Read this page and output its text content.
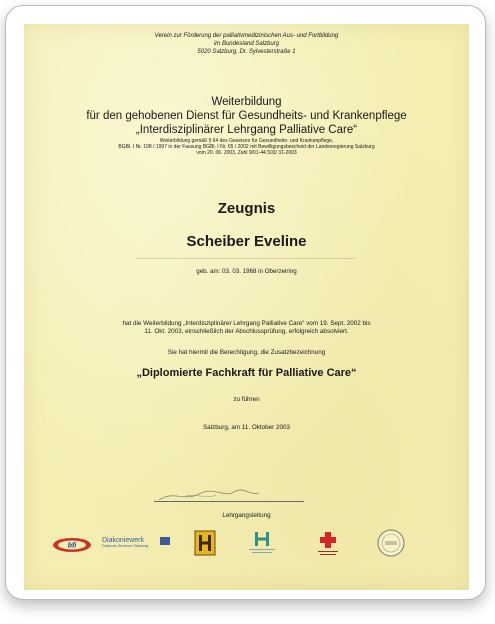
Verein zur Förderung der palliativmedizinischen Aus- und Fortbildung
im Bundesland Salzburg
5020 Salzburg, Dr. Sylvesterstraße 1
Weiterbildung
für den gehobenen Dienst für Gesundheits- und Krankenpflege
„Interdisziplinärer Lehrgang Palliative Care“
Weiterbildung gemäß § 64 des Gesetzes für Gesundheits- und Krankenpflege,
BGBl. I Nr. 108 / 1997 in der Fassung BGBl. I Nr. 65 / 2002 mit Bewilligungsbescheid der Landesregierung Salzburg
vom 20. 06. 2003, Zahl 9/01-44.503/ 31-2003
Zeugnis
Scheiber Eveline
geb. am: 03. 03. 1968 in Oberzeiring
hat die Weiterbildung „Interdisziplinärer Lehrgang Palliative Care“ vom 19. Sept. 2002 bis
11. Okt. 2003, einschließlich der Abschlussprüfung, erfolgreich absolviert.
Sie hat hiermit die Berechtigung, die Zusatzbezeichnung
„Diplomierte Fachkraft für Palliative Care“
zu führen
Salzburg, am 11. Oktober 2003
Lehrgangsleitung
bfi
Diakoniewerk
Diakonie-Zentrum Salzburg
